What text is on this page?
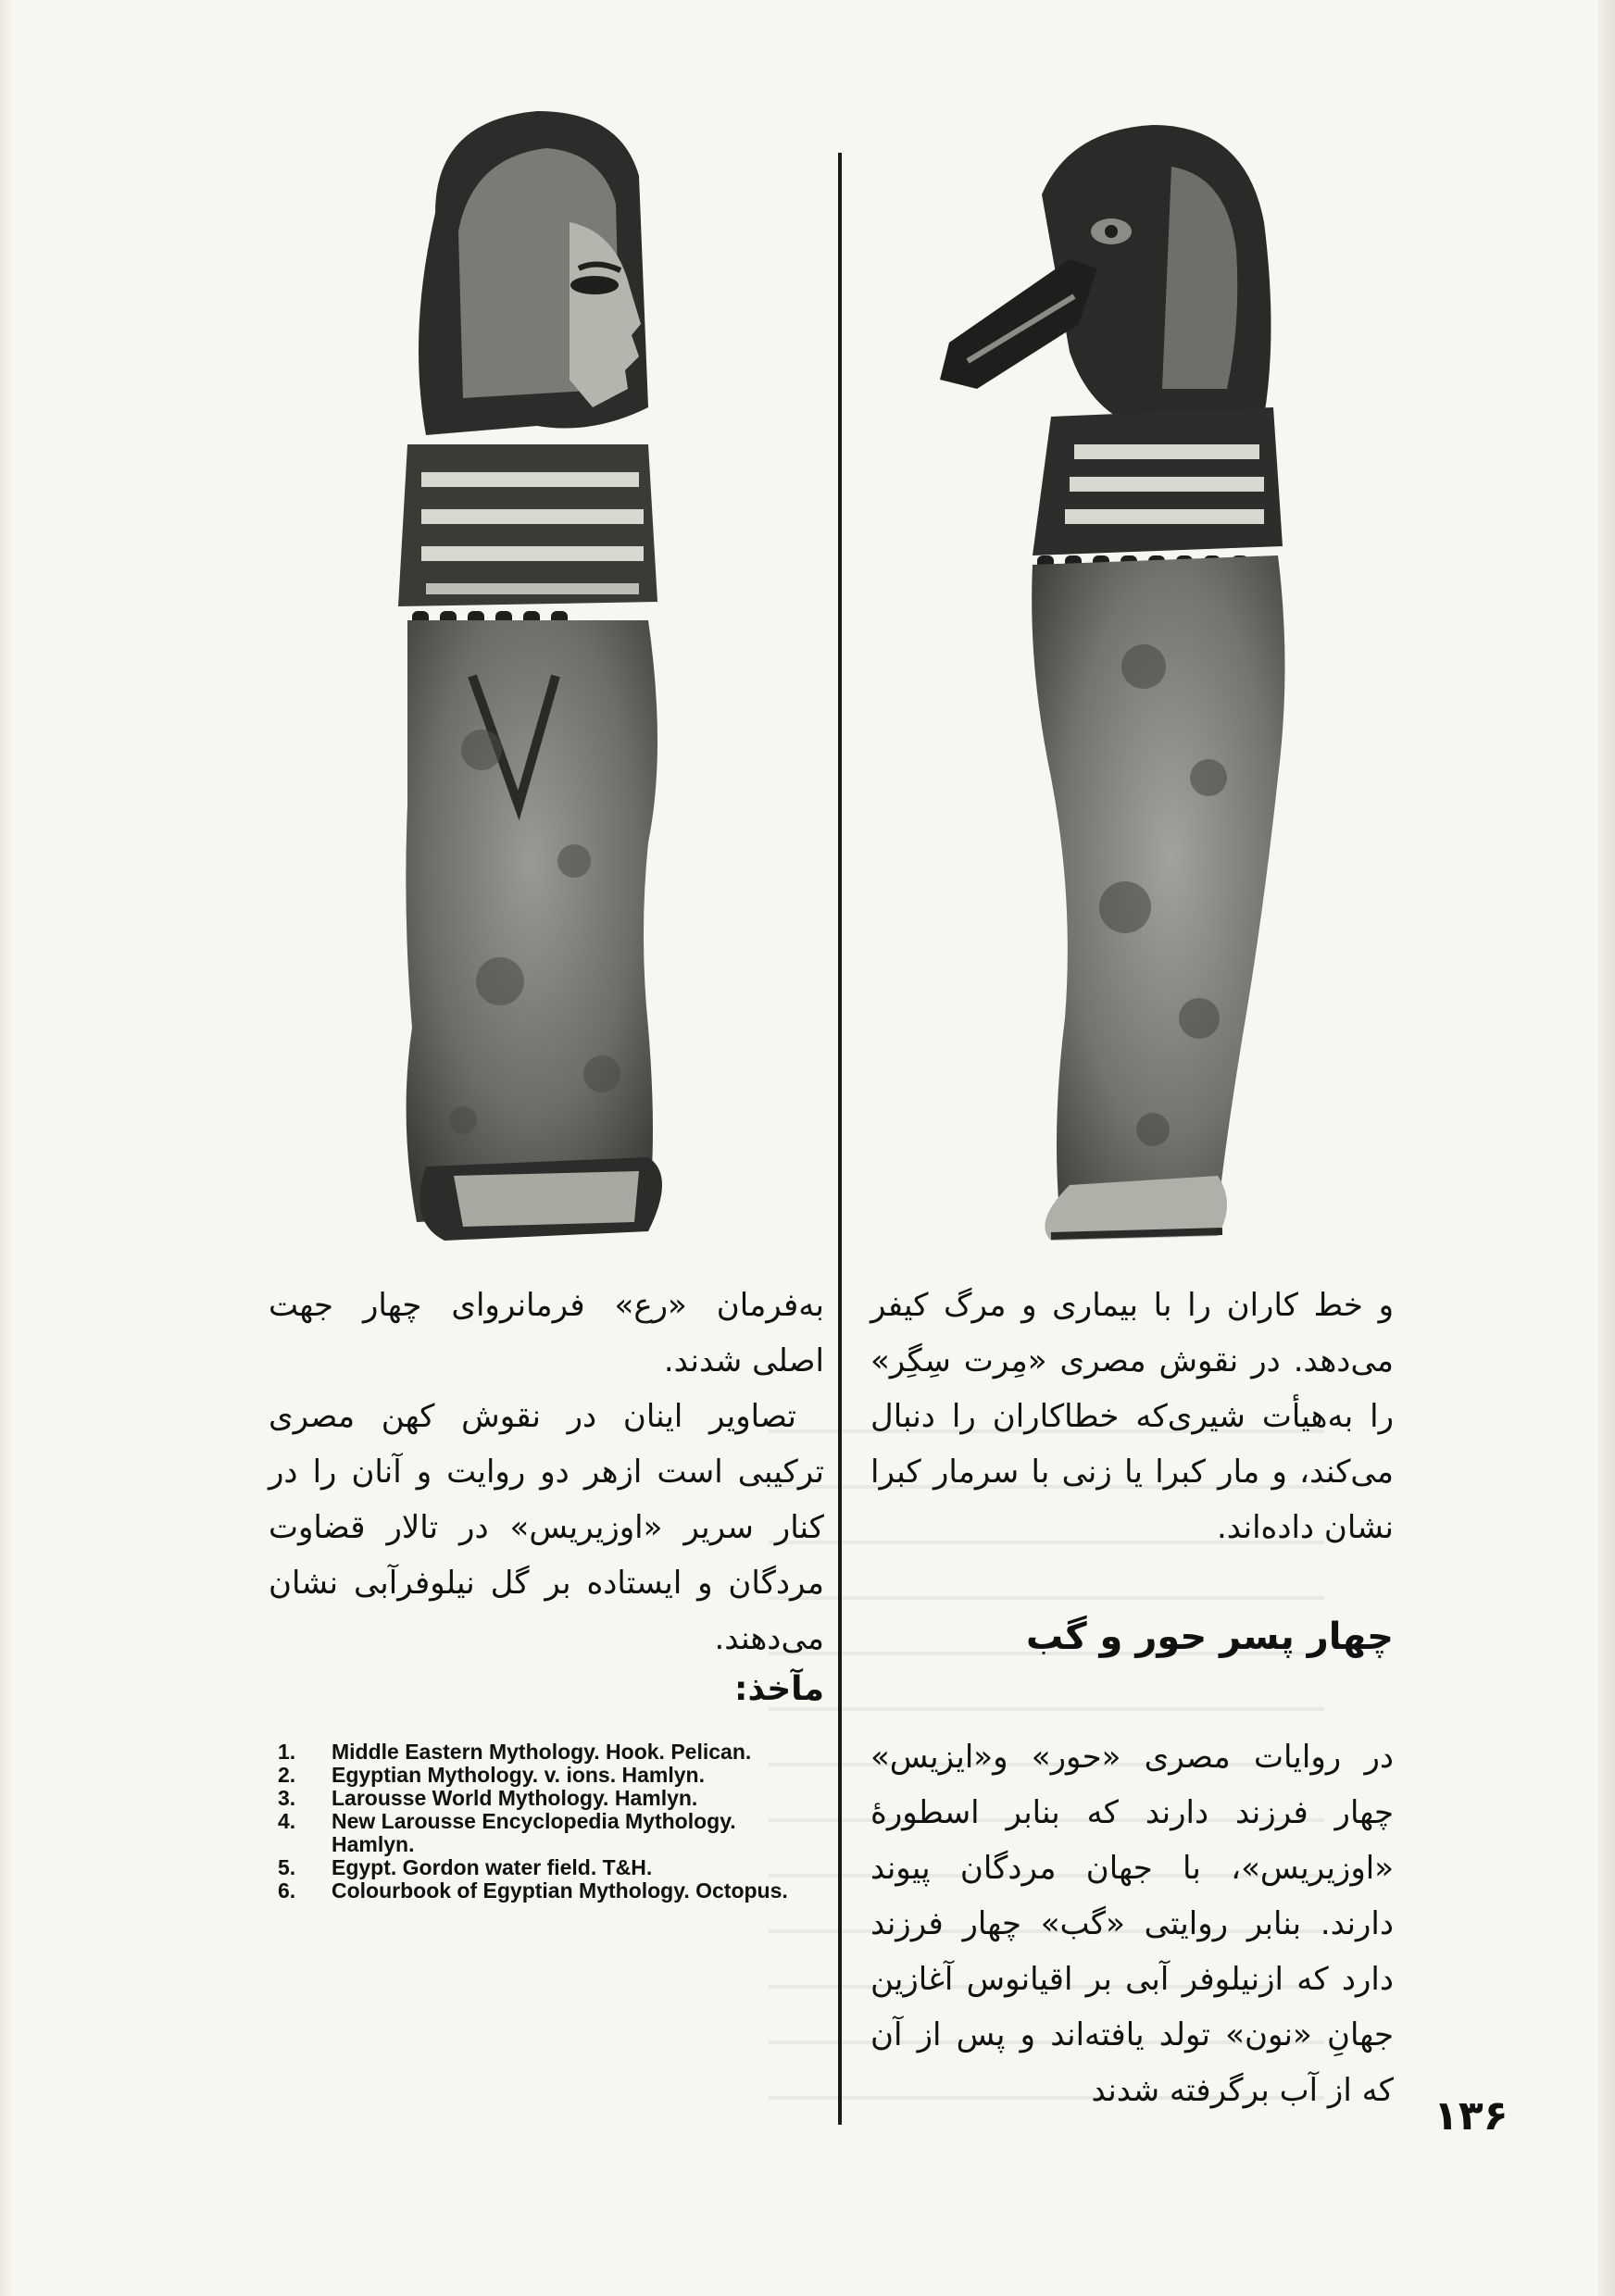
و خط کاران را با بیماری و مرگ کیفر می‌دهد. در نقوش مصری «مِرت سِگِر» را به‌هیأت شیری‌که خطاکاران را دنبال می‌کند، و مار کبرا یا زنی با سرمار کبرا نشان داده‌اند.

چهار پسر حور و گب

در روایات مصری «حور» و«ایزیس» چهار فرزند دارند که بنابر اسطورهٔ «اوزیریس»، با جهان مردگان پیوند دارند. بنابر روایتی «گب» چهار فرزند دارد که ازنیلوفر آبی بر اقیانوس آغازین جهانِ «نون» تولد یافته‌اند و پس از آن که از آب برگرفته شدند

به‌فرمان «رع» فرمانروای چهار جهت اصلی شدند.

تصاویر اینان در نقوش کهن مصری ترکیبی است ازهر دو روایت و آنان را در کنار سریر «اوزیریس» در تالار قضاوت مردگان و ایستاده بر گل نیلوفرآبی نشان می‌دهند.

مآخذ:
1.	Middle Eastern Mythology. Hook. Pelican.
2.	Egyptian Mythology. v. ions. Hamlyn.
3.	Larousse World Mythology. Hamlyn.
4.	New Larousse Encyclopedia Mythology. Hamlyn.
5.	Egypt. Gordon water field. T&H.
6.	Colourbook of Egyptian Mythology. Octopus.
۱۳۶
